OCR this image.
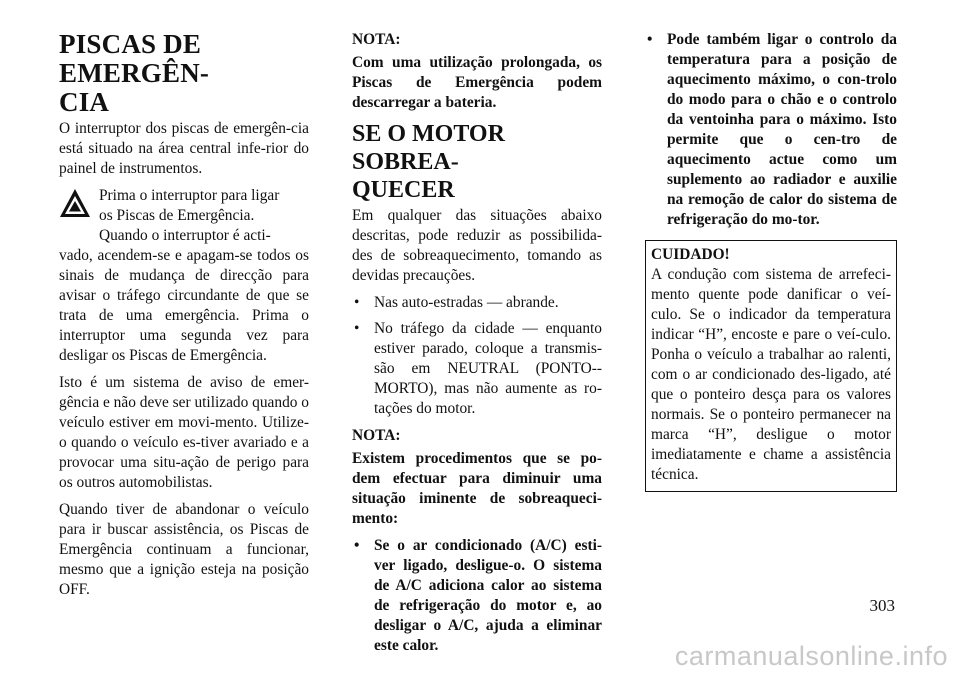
PISCAS DE EMERGÊN-
CIA

O interruptor dos piscas de emergên-cia está situado na área central infe-rior do painel de instrumentos.

Prima o interruptor para ligar
os Piscas de Emergência.
Quando o interruptor é acti-

vado, acendem-se e apagam-se todos os sinais de mudança de direcção para avisar o tráfego circundante de que se trata de uma emergência. Prima o interruptor uma segunda vez para desligar os Piscas de Emergência.

Isto é um sistema de aviso de emer-gência e não deve ser utilizado quando o veículo estiver em movi-mento. Utilize-o quando o veículo es-tiver avariado e a provocar uma situ-ação de perigo para os outros automobilistas.

Quando tiver de abandonar o veículo para ir buscar assistência, os Piscas de Emergência continuam a funcionar, mesmo que a ignição esteja na posição OFF.

NOTA:

Com uma utilização prolongada, os Piscas de Emergência podem descarregar a bateria.

SE O MOTOR SOBREA-
QUECER

Em qualquer das situações abaixo descritas, pode reduzir as possibilida-des de sobreaquecimento, tomando as devidas precauções.

• Nas auto-estradas — abrande.
• No tráfego da cidade — enquanto estiver parado, coloque a transmis-são em NEUTRAL (PONTO--MORTO), mas não aumente as ro-tações do motor.

NOTA:

Existem procedimentos que se po-dem efectuar para diminuir uma situação iminente de sobreaqueci-mento:

• Se o ar condicionado (A/C) esti-ver ligado, desligue-o. O sistema de A/C adiciona calor ao sistema de refrigeração do motor e, ao desligar o A/C, ajuda a eliminar este calor.
• Pode também ligar o controlo da temperatura para a posição de aquecimento máximo, o con-trolo do modo para o chão e o controlo da ventoinha para o máximo. Isto permite que o cen-tro de aquecimento actue como um suplemento ao radiador e auxilie na remoção de calor do sistema de refrigeração do mo-tor.

CUIDADO!

A condução com sistema de arrefeci-mento quente pode danificar o veí-culo. Se o indicador da temperatura indicar “H”, encoste e pare o veí-culo. Ponha o veículo a trabalhar ao ralenti, com o ar condicionado des-ligado, até que o ponteiro desça para os valores normais. Se o ponteiro permanecer na marca “H”, desligue o motor imediatamente e chame a assistência técnica.

303
carmanualsonline.info
